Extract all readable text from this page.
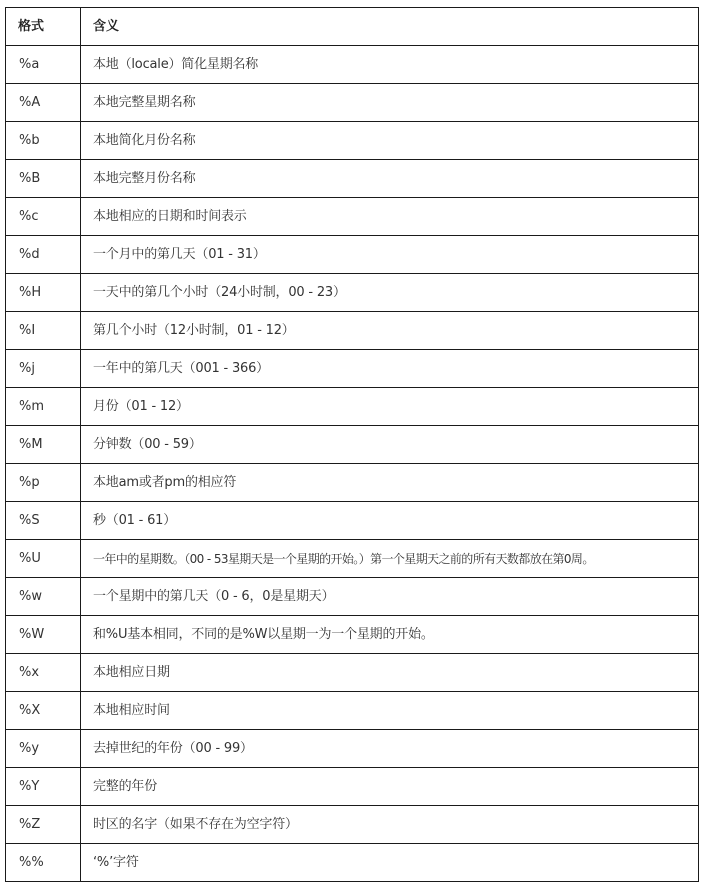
格式	含义
%a	本地（locale）简化星期名称
%A	本地完整星期名称
%b	本地简化月份名称
%B	本地完整月份名称
%c	本地相应的日期和时间表示
%d	一个月中的第几天（01 - 31）
%H	一天中的第几个小时（24小时制，00 - 23）
%I	第几个小时（12小时制，01 - 12）
%j	一年中的第几天（001 - 366）
%m	月份（01 - 12）
%M	分钟数（00 - 59）
%p	本地am或者pm的相应符
%S	秒（01 - 61）
%U	一年中的星期数。（00 - 53星期天是一个星期的开始。）第一个星期天之前的所有天数都放在第0周。
%w	一个星期中的第几天（0 - 6，0是星期天）
%W	和%U基本相同，不同的是%W以星期一为一个星期的开始。
%x	本地相应日期
%X	本地相应时间
%y	去掉世纪的年份（00 - 99）
%Y	完整的年份
%Z	时区的名字（如果不存在为空字符）
%%	‘%’字符
